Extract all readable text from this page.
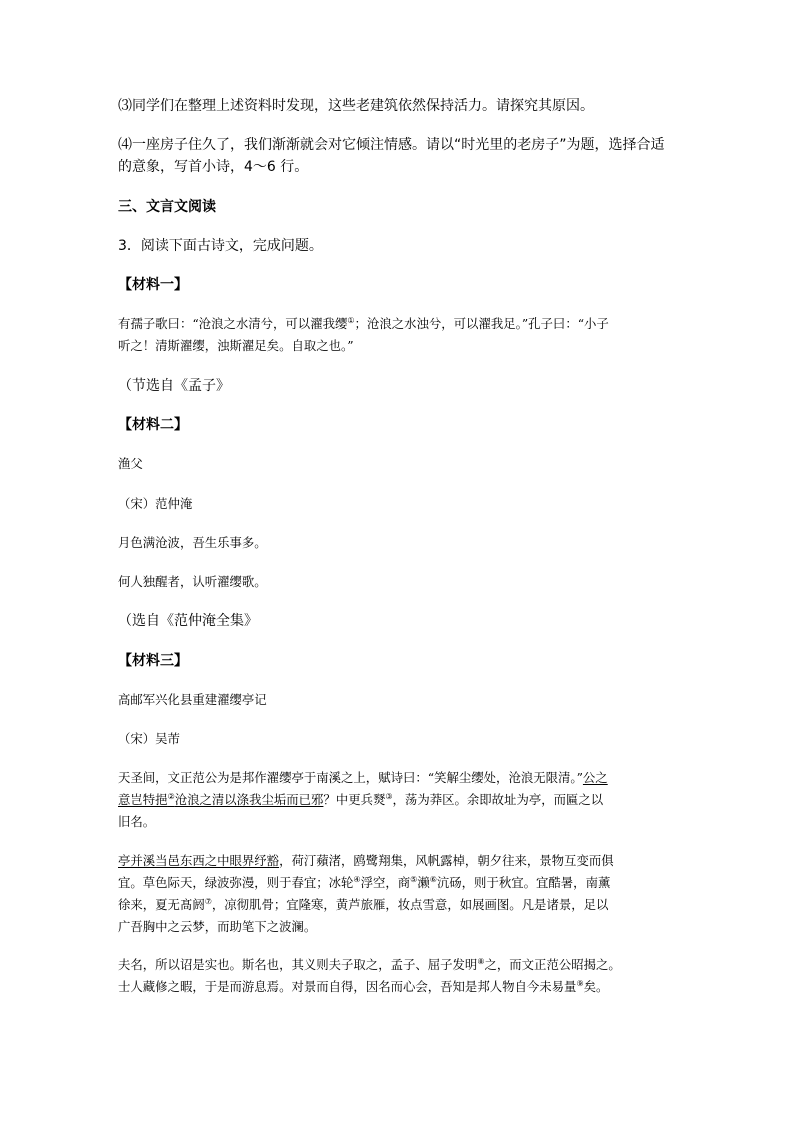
⑶同学们在整理上述资料时发现，这些老建筑依然保持活力。请探究其原因。
⑷一座房子住久了，我们渐渐就会对它倾注情感。请以“时光里的老房子”为题，选择合适
的意象，写首小诗，4～6 行。
三、文言文阅读
3．阅读下面古诗文，完成问题。
【材料一】
有孺子歌曰：“沧浪之水清兮，可以濯我缨①；沧浪之水浊兮，可以濯我足。”孔子曰：“小子
听之！清斯濯缨，浊斯濯足矣。自取之也。”
（节选自《孟子》
【材料二】
渔父
（宋）范仲淹
月色满沧波，吾生乐事多。
何人独醒者，认听濯缨歌。
（选自《范仲淹全集》
【材料三】
高邮军兴化县重建濯缨亭记
（宋）吴芾
天圣间，文正范公为是邦作濯缨亭于南溪之上，赋诗曰：“笑解尘缨处，沧浪无限清。”公之
意岂特挹②沧浪之清以涤我尘垢而已邪？中更兵燹③，荡为莽区。余即故址为亭，而匾之以
旧名。
亭并溪当邑东西之中眼界纾豁，荷汀蘋渚，鸥鹭翔集，风帆露棹，朝夕往来，景物互变而俱
宜。草色际天，绿波弥漫，则于春宜；冰轮④浮空，商⑤濑⑥沆砀，则于秋宜。宜酷暑，南薰
徐来，夏无髙阏⑦，凉彻肌骨；宜隆寒，黄芦旅雁，妆点雪意，如展画图。凡是诸景，足以
广吾胸中之云梦，而助笔下之波澜。
夫名，所以诏是实也。斯名也，其义则夫子取之，孟子、屈子发明⑧之，而文正范公昭揭之。
士人藏修之暇，于是而游息焉。对景而自得，因名而心会，吾知是邦人物自今未易量⑨矣。
